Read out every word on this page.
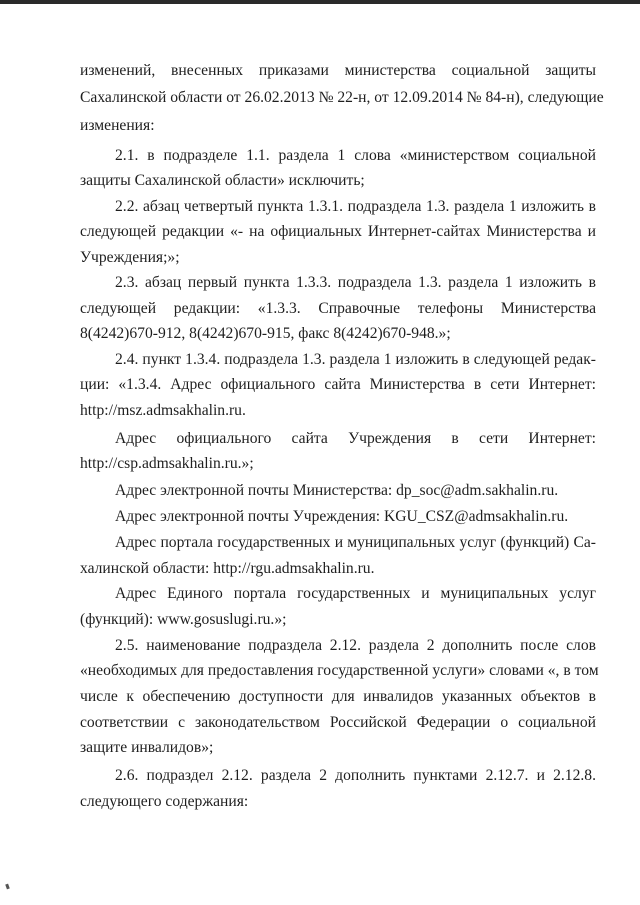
изменений, внесенных приказами министерства социальной защиты
Сахалинской области от 26.02.2013 № 22-н, от 12.09.2014 № 84-н), следующие
изменения:
2.1. в подразделе 1.1. раздела 1 слова «министерством социальной
защиты Сахалинской области» исключить;
2.2. абзац четвертый пункта 1.3.1. подраздела 1.3. раздела 1 изложить в
следующей редакции «- на официальных Интернет-сайтах Министерства и
Учреждения;»;
2.3. абзац первый пункта 1.3.3. подраздела 1.3. раздела 1 изложить в
следующей редакции: «1.3.3. Справочные телефоны Министерства
8(4242)670-912, 8(4242)670-915, факс 8(4242)670-948.»;
2.4. пункт 1.3.4. подраздела 1.3. раздела 1 изложить в следующей редак-
ции: «1.3.4. Адрес официального сайта Министерства в сети Интернет:
http://msz.admsakhalin.ru.
Адрес официального сайта Учреждения в сети Интернет:
http://csp.admsakhalin.ru.»;
Адрес электронной почты Министерства: dp_soc@adm.sakhalin.ru.
Адрес электронной почты Учреждения: KGU_CSZ@admsakhalin.ru.
Адрес портала государственных и муниципальных услуг (функций) Са-
халинской области: http://rgu.admsakhalin.ru.
Адрес Единого портала государственных и муниципальных услуг
(функций): www.gosuslugi.ru.»;
2.5. наименование подраздела 2.12. раздела 2 дополнить после слов
«необходимых для предоставления государственной услуги» словами «, в том
числе к обеспечению доступности для инвалидов указанных объектов в
соответствии с законодательством Российской Федерации о социальной
защите инвалидов»;
2.6. подраздел 2.12. раздела 2 дополнить пунктами 2.12.7. и 2.12.8.
следующего содержания:
